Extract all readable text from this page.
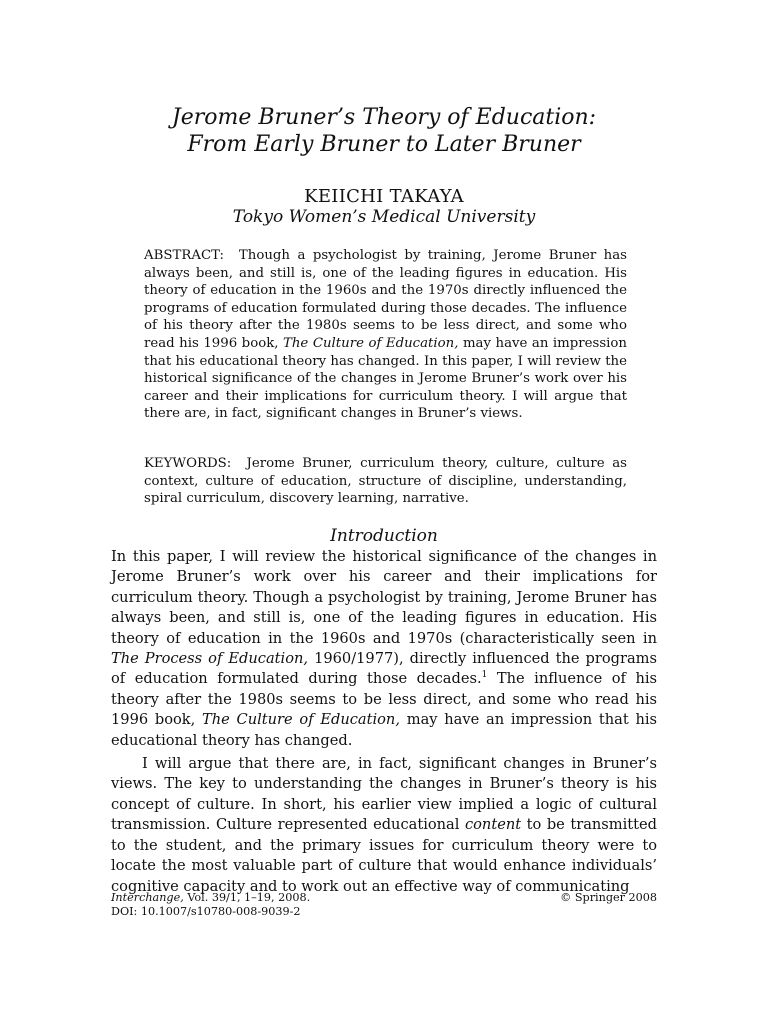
Jerome Bruner’s Theory of Education:
From Early Bruner to Later Bruner
KEIICHI TAKAYA
Tokyo Women’s Medical University

ABSTRACT: Though a psychologist by training, Jerome Bruner has always been, and still is, one of the leading figures in education. His theory of education in the 1960s and the 1970s directly influenced the programs of education formulated during those decades. The influence of his theory after the 1980s seems to be less direct, and some who read his 1996 book, The Culture of Education, may have an impression that his educational theory has changed. In this paper, I will review the historical significance of the changes in Jerome Bruner’s work over his career and their implications for curriculum theory. I will argue that there are, in fact, significant changes in Bruner’s views.

KEYWORDS: Jerome Bruner, curriculum theory, culture, culture as context, culture of education, structure of discipline, understanding, spiral curriculum, discovery learning, narrative.

Introduction

In this paper, I will review the historical significance of the changes in Jerome Bruner’s work over his career and their implications for curriculum theory. Though a psychologist by training, Jerome Bruner has always been, and still is, one of the leading figures in education. His theory of education in the 1960s and 1970s (characteristically seen in The Process of Education, 1960/1977), directly influenced the programs of education formulated during those decades.$^1$ The influence of his theory after the 1980s seems to be less direct, and some who read his 1996 book, The Culture of Education, may have an impression that his educational theory has changed.

I will argue that there are, in fact, significant changes in Bruner’s views. The key to understanding the changes in Bruner’s theory is his concept of culture. In short, his earlier view implied a logic of cultural transmission. Culture represented educational content to be transmitted to the student, and the primary issues for curriculum theory were to locate the most valuable part of culture that would enhance individuals’ cognitive capacity and to work out an effective way of communicating

Interchange, Vol. 39/1, 1–19, 2008.	© Springer 2008
DOI: 10.1007/s10780-008-9039-2
